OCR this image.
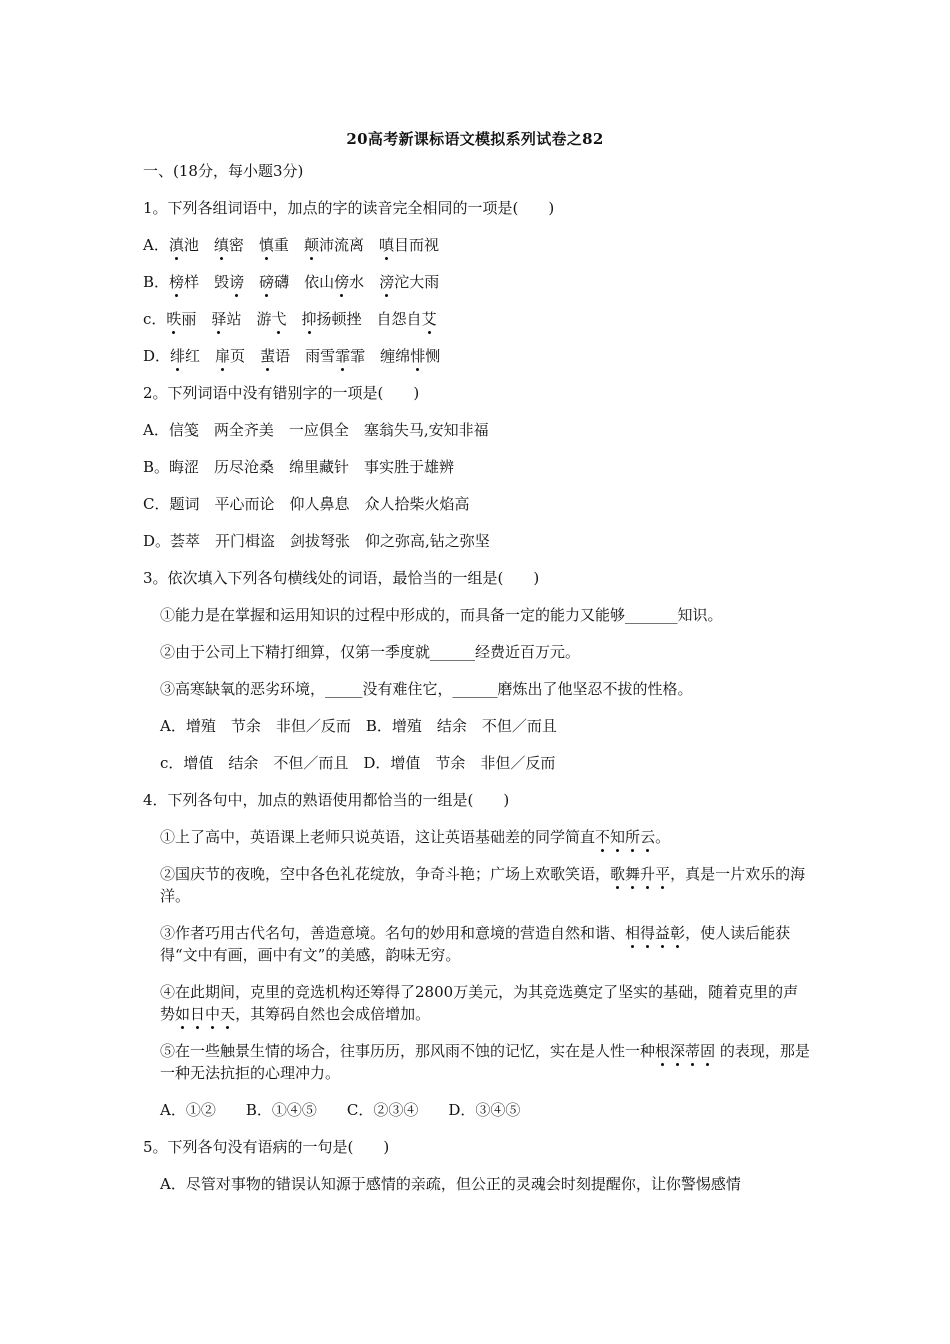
20高考新课标语文模拟系列试卷之82
一、(18分，每小题3分)
1。下列各组词语中，加点的字的读音完全相同的一项是(　　)
A．滇池　缜密　慎重　颠沛流离　嗔目而视
B．榜样　毁谤　 磅礴　依山傍水　滂沱大雨
c．昳丽　驿站　游弋　 抑扬顿挫　自怨自艾
D．绯红　扉页　蜚语　雨雪霏霏　缠绵悱恻
2。下列词语中没有错别字的一项是(　　)
A．信笺　两全齐美　一应俱全　塞翁失马,安知非福
B。晦涩　历尽沧桑　绵里藏针　事实胜于雄辨
C．题词　平心而论　仰人鼻息　众人拾柴火焰高
D。荟萃　开门楫盗　剑拔弩张　仰之弥高,钻之弥坚
3。依次填入下列各句横线处的词语，最恰当的一组是(　　)
①能力是在掌握和运用知识的过程中形成的，而具备一定的能力又能够_______知识。
②由于公司上下精打细算，仅第一季度就______经费近百万元。
③高寒缺氧的恶劣环境，_____没有难住它，______磨炼出了他坚忍不拔的性格。
A．增殖　节余　非但／反而　B．增殖　结余　不但／而且
c．增值　结余　不但／而且　D．增值　节余　非但／反而
4．下列各句中，加点的熟语使用都恰当的一组是(　　)
①上了高中，英语课上老师只说英语，这让英语基础差的同学简直不知所云。
②国庆节的夜晚，空中各色礼花绽放，争奇斗艳；广场上欢歌笑语，歌舞升平，真是一片欢乐的海洋。
③作者巧用古代名句，善造意境。名句的妙用和意境的营造自然和谐、相得益彰，使人读后能获得“文中有画，画中有文”的美感，韵味无穷。
④在此期间，克里的竞选机构还筹得了2800万美元，为其竞选奠定了坚实的基础，随着克里的声势如日中天，其筹码自然也会成倍增加。
⑤在一些触景生情的场合，往事历历，那风雨不蚀的记忆，实在是人性一种根深蒂固 的表现，那是一种无法抗拒的心理冲力。
A．①②　　B．①④⑤　　C．②③④　　D．③④⑤
5。下列各句没有语病的一句是(　　)
A．尽管对事物的错误认知源于感情的亲疏，但公正的灵魂会时刻提醒你，让你警惕感情
